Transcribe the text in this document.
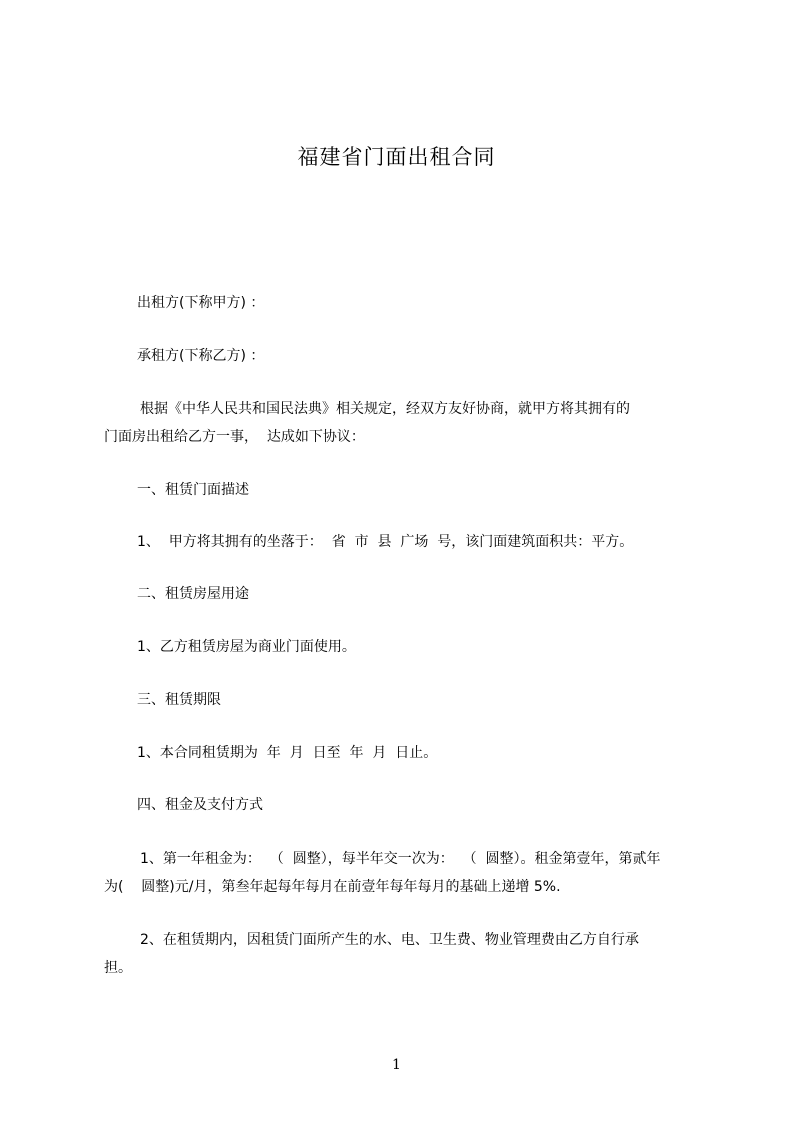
福建省门面出租合同
出租方(下称甲方) ：
承租方(下称乙方) ：
根据《中华人民共和国民法典》相关规定，经双方友好协商，就甲方将其拥有的
门面房出租给乙方一事，  达成如下协议：
一、租赁门面描述
1、  甲方将其拥有的坐落于：  省  市  县  广场  号，该门面建筑面积共：平方。
二、租赁房屋用途
1、乙方租赁房屋为商业门面使用。
三、租赁期限
1、本合同租赁期为  年  月  日至  年  月  日止。
四、租金及支付方式
1、第一年租金为：  （  圆整），每半年交一次为：  （  圆整）。租金第壹年，第贰年
为(    圆整)元/月，第叁年起每年每月在前壹年每年每月的基础上递增 5%.
2、在租赁期内，因租赁门面所产生的水、电、卫生费、物业管理费由乙方自行承
担。
1
